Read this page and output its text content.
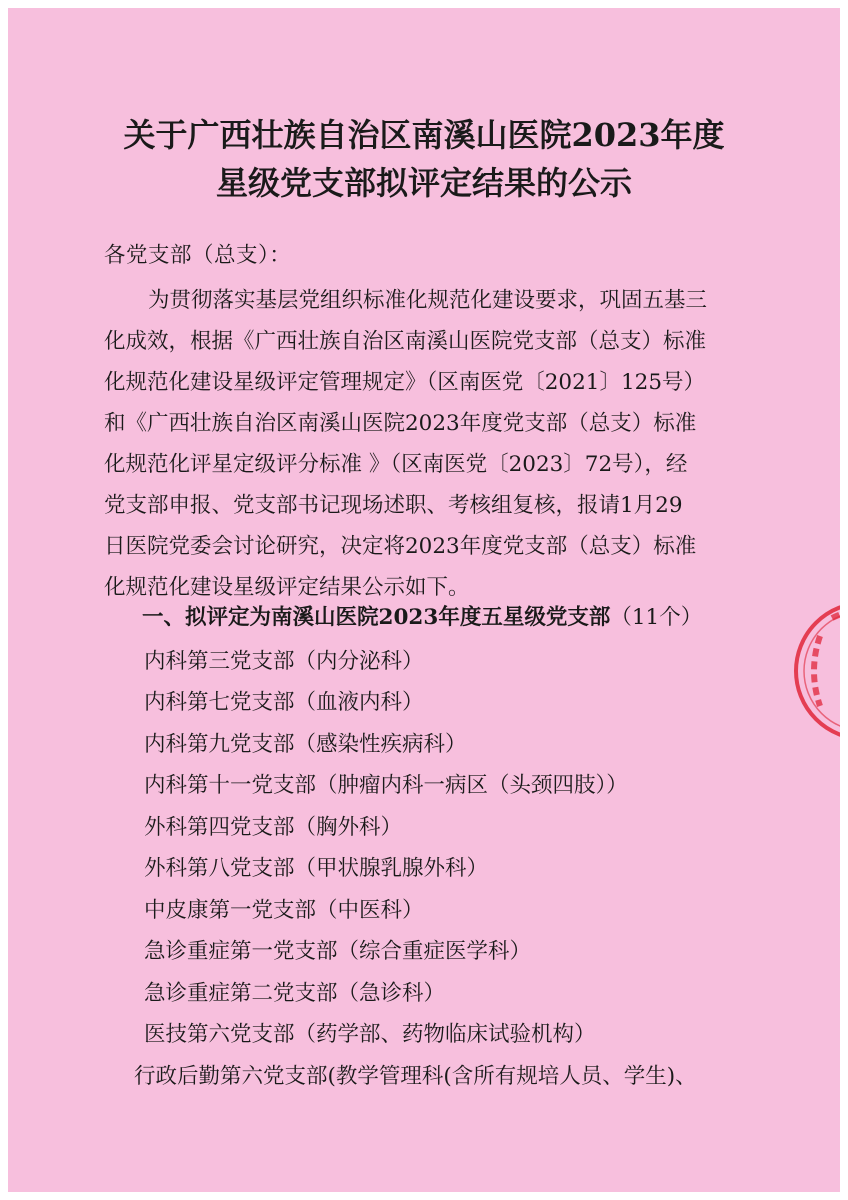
关于广西壮族自治区南溪山医院2023年度
星级党支部拟评定结果的公示
各党支部（总支）：
为贯彻落实基层党组织标准化规范化建设要求，巩固五基三
化成效，根据《广西壮族自治区南溪山医院党支部（总支）标准
化规范化建设星级评定管理规定》（区南医党〔2021〕125号）
和《广西壮族自治区南溪山医院2023年度党支部（总支）标准
化规范化评星定级评分标准 》（区南医党〔2023〕72号），经
党支部申报、党支部书记现场述职、考核组复核，报请1月29
日医院党委会讨论研究，决定将2023年度党支部（总支）标准
化规范化建设星级评定结果公示如下。
一、拟评定为南溪山医院2023年度五星级党支部（11个）
内科第三党支部（内分泌科）
内科第七党支部（血液内科）
内科第九党支部（感染性疾病科）
内科第十一党支部（肿瘤内科一病区（头颈四肢））
外科第四党支部（胸外科）
外科第八党支部（甲状腺乳腺外科）
中皮康第一党支部（中医科）
急诊重症第一党支部（综合重症医学科）
急诊重症第二党支部（急诊科）
医技第六党支部（药学部、药物临床试验机构）
行政后勤第六党支部(教学管理科(含所有规培人员、学生)、
